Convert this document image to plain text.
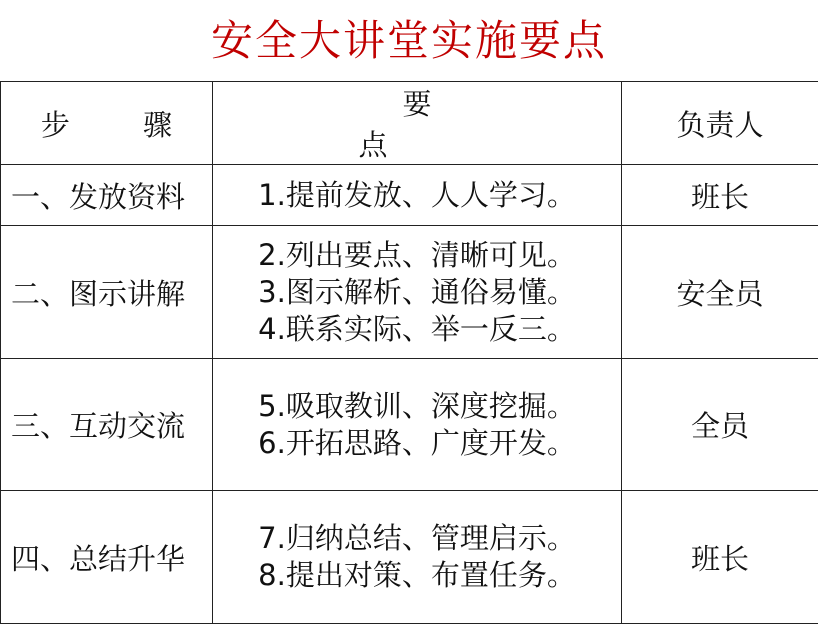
安全大讲堂实施要点
步 骤	要 点	负责人
一、发放资料	1.提前发放、人人学习。	班长
二、图示讲解	2.列出要点、清晰可见。
3.图示解析、通俗易懂。
4.联系实际、举一反三。	安全员
三、互动交流	5.吸取教训、深度挖掘。
6.开拓思路、广度开发。	全员
四、总结升华	7.归纳总结、管理启示。
8.提出对策、布置任务。	班长
